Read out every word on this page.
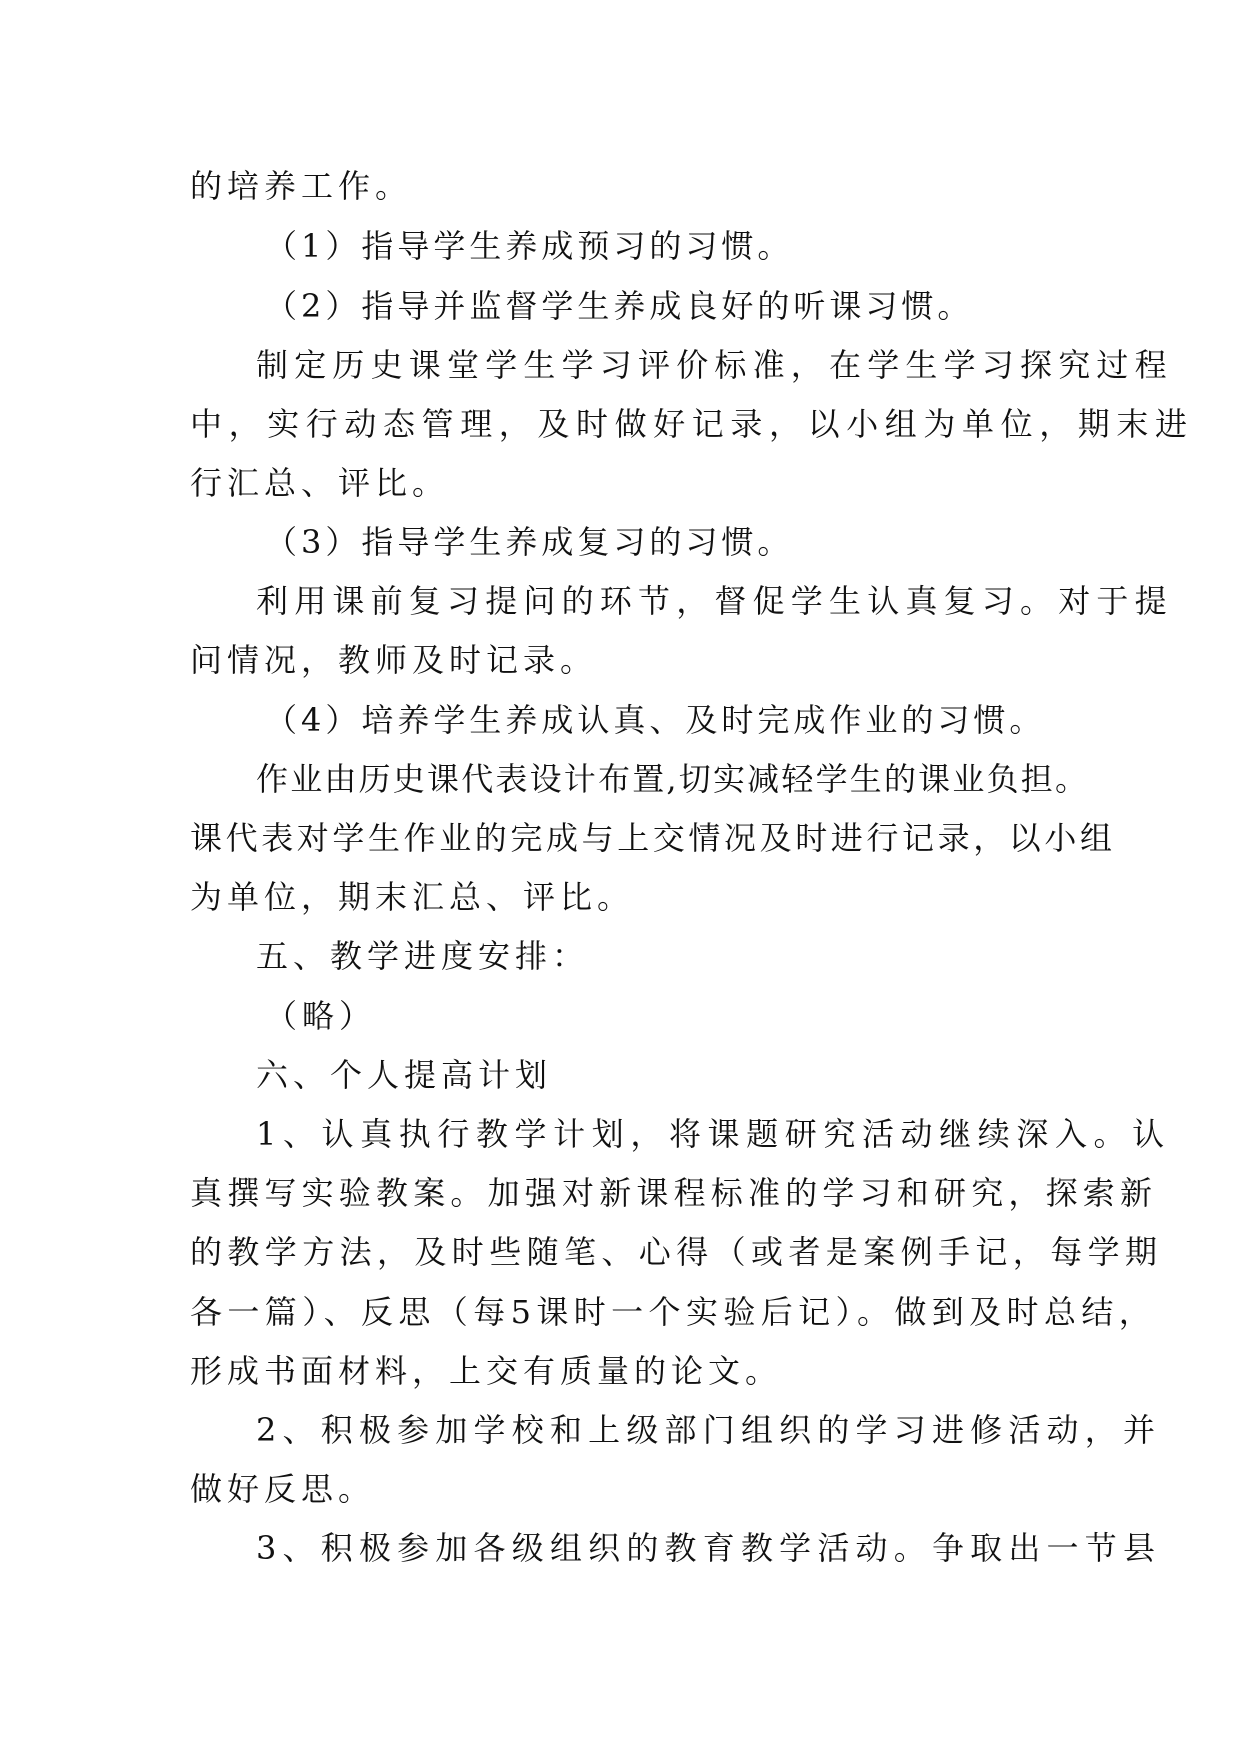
的培养工作。

（1）指导学生养成预习的习惯。

（2）指导并监督学生养成良好的听课习惯。

制定历史课堂学生学习评价标准，在学生学习探究过程

中，实行动态管理，及时做好记录，以小组为单位，期末进

行汇总、评比。

（3）指导学生养成复习的习惯。

利用课前复习提问的环节，督促学生认真复习。对于提

问情况，教师及时记录。

（4）培养学生养成认真、及时完成作业的习惯。

作业由历史课代表设计布置,切实减轻学生的课业负担。

课代表对学生作业的完成与上交情况及时进行记录，以小组

为单位，期末汇总、评比。

五、教学进度安排：

（略）

六、个人提高计划

1、认真执行教学计划，将课题研究活动继续深入。认

真撰写实验教案。加强对新课程标准的学习和研究，探索新

的教学方法，及时些随笔、心得（或者是案例手记，每学期

各一篇）、反思（每5课时一个实验后记）。做到及时总结，

形成书面材料，上交有质量的论文。

2、积极参加学校和上级部门组织的学习进修活动，并

做好反思。

3、积极参加各级组织的教育教学活动。争取出一节县
